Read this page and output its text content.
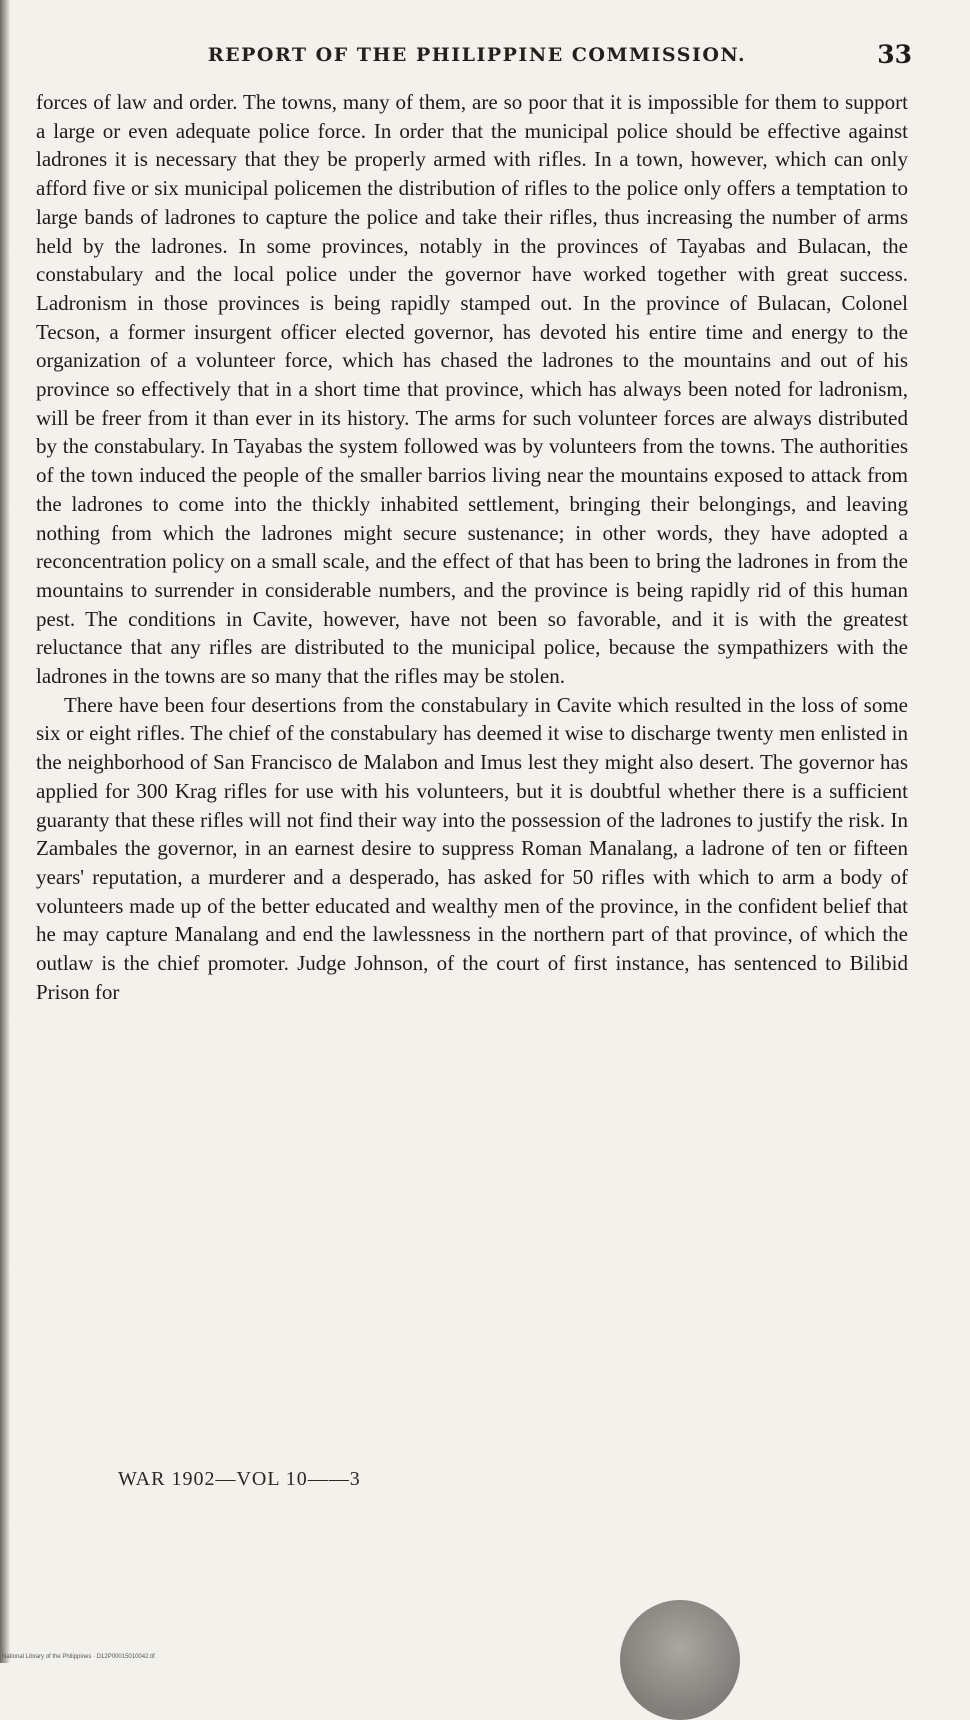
REPORT OF THE PHILIPPINE COMMISSION.	33

forces of law and order. The towns, many of them, are so poor that it is impossible for them to support a large or even adequate police force. In order that the municipal police should be effective against ladrones it is necessary that they be properly armed with rifles. In a town, however, which can only afford five or six municipal policemen the distribution of rifles to the police only offers a temptation to large bands of ladrones to capture the police and take their rifles, thus increasing the number of arms held by the ladrones. In some provinces, notably in the provinces of Tayabas and Bulacan, the constabulary and the local police under the governor have worked together with great success. Ladronism in those provinces is being rapidly stamped out. In the province of Bulacan, Colonel Tecson, a former insurgent officer elected governor, has devoted his entire time and energy to the organization of a volunteer force, which has chased the ladrones to the mountains and out of his province so effectively that in a short time that province, which has always been noted for ladronism, will be freer from it than ever in its history. The arms for such volunteer forces are always distributed by the constabulary. In Tayabas the system followed was by volunteers from the towns. The authorities of the town induced the people of the smaller barrios living near the mountains exposed to attack from the ladrones to come into the thickly inhabited settlement, bringing their belongings, and leaving nothing from which the ladrones might secure sustenance; in other words, they have adopted a reconcentration policy on a small scale, and the effect of that has been to bring the ladrones in from the mountains to surrender in considerable numbers, and the province is being rapidly rid of this human pest. The conditions in Cavite, however, have not been so favorable, and it is with the greatest reluctance that any rifles are distributed to the municipal police, because the sympathizers with the ladrones in the towns are so many that the rifles may be stolen.

There have been four desertions from the constabulary in Cavite which resulted in the loss of some six or eight rifles. The chief of the constabulary has deemed it wise to discharge twenty men enlisted in the neighborhood of San Francisco de Malabon and Imus lest they might also desert. The governor has applied for 300 Krag rifles for use with his volunteers, but it is doubtful whether there is a sufficient guaranty that these rifles will not find their way into the possession of the ladrones to justify the risk. In Zambales the governor, in an earnest desire to suppress Roman Manalang, a ladrone of ten or fifteen years' reputation, a murderer and a desperado, has asked for 50 rifles with which to arm a body of volunteers made up of the better educated and wealthy men of the province, in the confident belief that he may capture Manalang and end the lawlessness in the northern part of that province, of which the outlaw is the chief promoter. Judge Johnson, of the court of first instance, has sentenced to Bilibid Prison for

WAR 1902—VOL 10——3
National Library of the Philippines · D12P00015010042.tif
